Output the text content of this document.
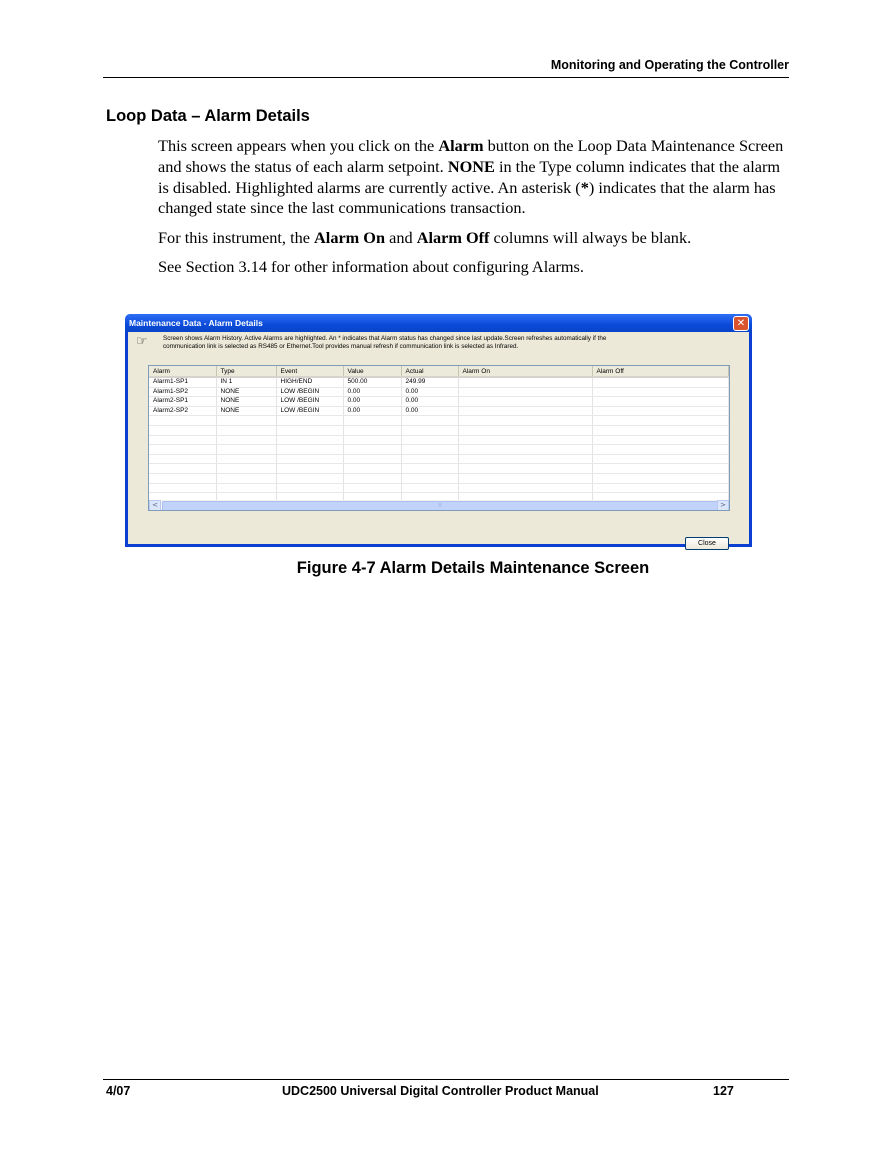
Monitoring and Operating the Controller
Loop Data – Alarm Details

This screen appears when you click on the Alarm button on the Loop Data Maintenance Screen and shows the status of each alarm setpoint. NONE in the Type column indicates that the alarm is disabled. Highlighted alarms are currently active. An asterisk (*) indicates that the alarm has changed state since the last communications transaction.

For this instrument, the Alarm On and Alarm Off columns will always be blank.

See Section 3.14 for other information about configuring Alarms.

Maintenance Data - Alarm Details	✕
☞	Screen shows Alarm History. Active Alarms are highlighted. An * indicates that Alarm status has changed since last update.Screen refreshes automatically if the communication link is selected as RS485 or Ethernet.Tool provides manual refresh if communication link is selected as Infrared.
Alarm	Type	Event	Value	Actual	Alarm On	Alarm Off
Alarm1-SP1	IN 1	HIGH/END	500.00	249.99		
Alarm1-SP2	NONE	LOW /BEGIN	0.00	0.00		
Alarm2-SP1	NONE	LOW /BEGIN	0.00	0.00		
Alarm2-SP2	NONE	LOW /BEGIN	0.00	0.00		

<	|||	>
Close
Figure 4-7 Alarm Details Maintenance Screen
4/07	UDC2500 Universal Digital Controller Product Manual	127
